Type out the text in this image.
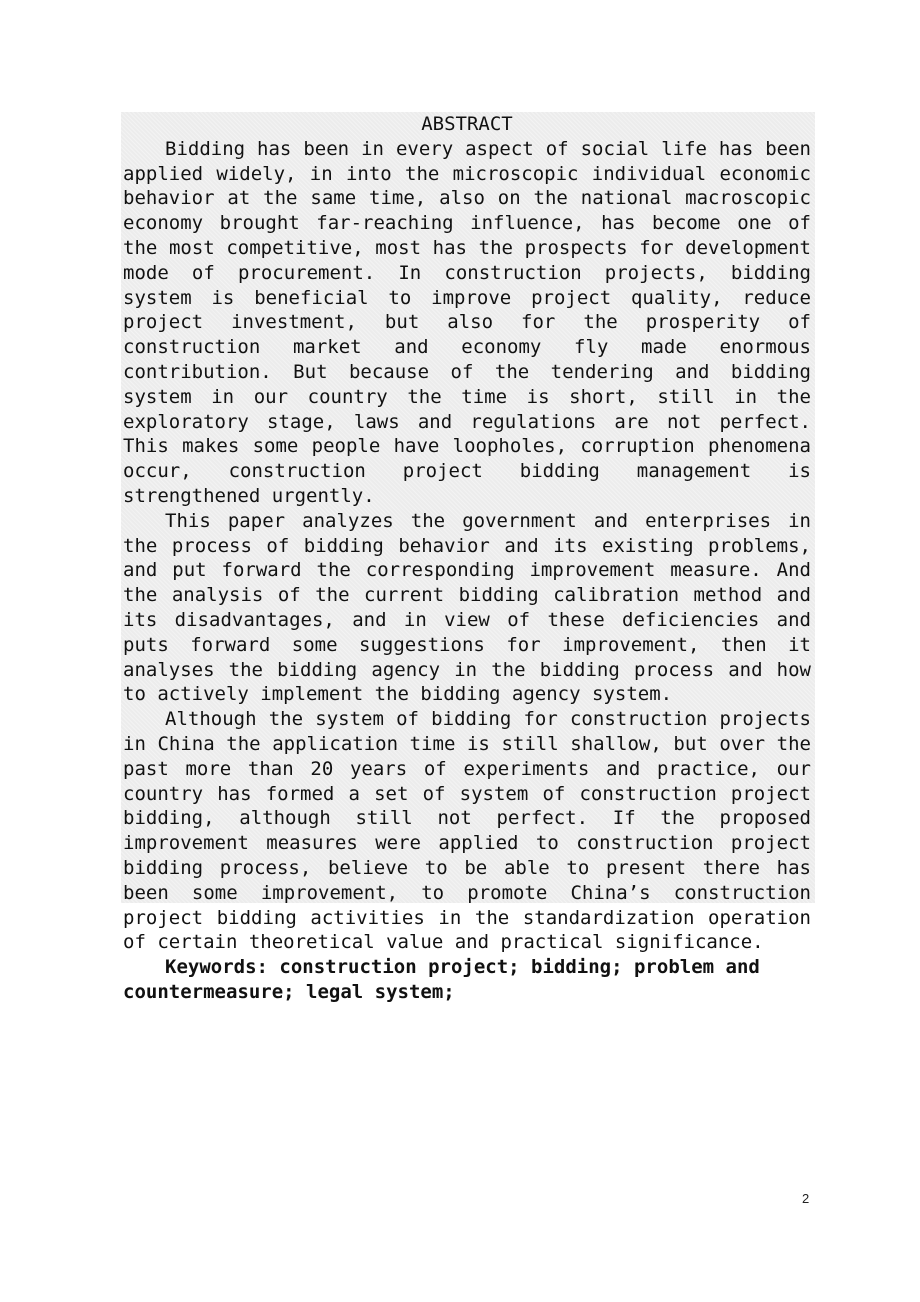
ABSTRACT

Bidding has been in every aspect of social life has been applied widely, in into the microscopic individual economic behavior at the same time, also on the national macroscopic economy brought far-reaching influence, has become one of the most competitive, most has the prospects for development mode of procurement. In construction projects, bidding system is beneficial to improve project quality, reduce project investment, but also for the prosperity of construction market and economy fly made enormous contribution. But because of the tendering and bidding system in our country the time is short, still in the exploratory stage, laws and regulations are not perfect. This makes some people have loopholes, corruption phenomena occur, construction project bidding management is strengthened urgently.

This paper analyzes the government and enterprises in the process of bidding behavior and its existing problems, and put forward the corresponding improvement measure. And the analysis of the current bidding calibration method and its disadvantages, and in view of these deficiencies and puts forward some suggestions for improvement, then it analyses the bidding agency in the bidding process and how to actively implement the bidding agency system.

Although the system of bidding for construction projects in China the application time is still shallow, but over the past more than 20 years of experiments and practice, our country has formed a set of system of construction project bidding, although still not perfect. If the proposed improvement measures were applied to construction project bidding process, believe to be able to present there has been some improvement, to promote China’s construction project bidding activities in the standardization operation of certain theoretical value and practical significance.

Keywords: construction project; bidding; problem and countermeasure; legal system;

2
